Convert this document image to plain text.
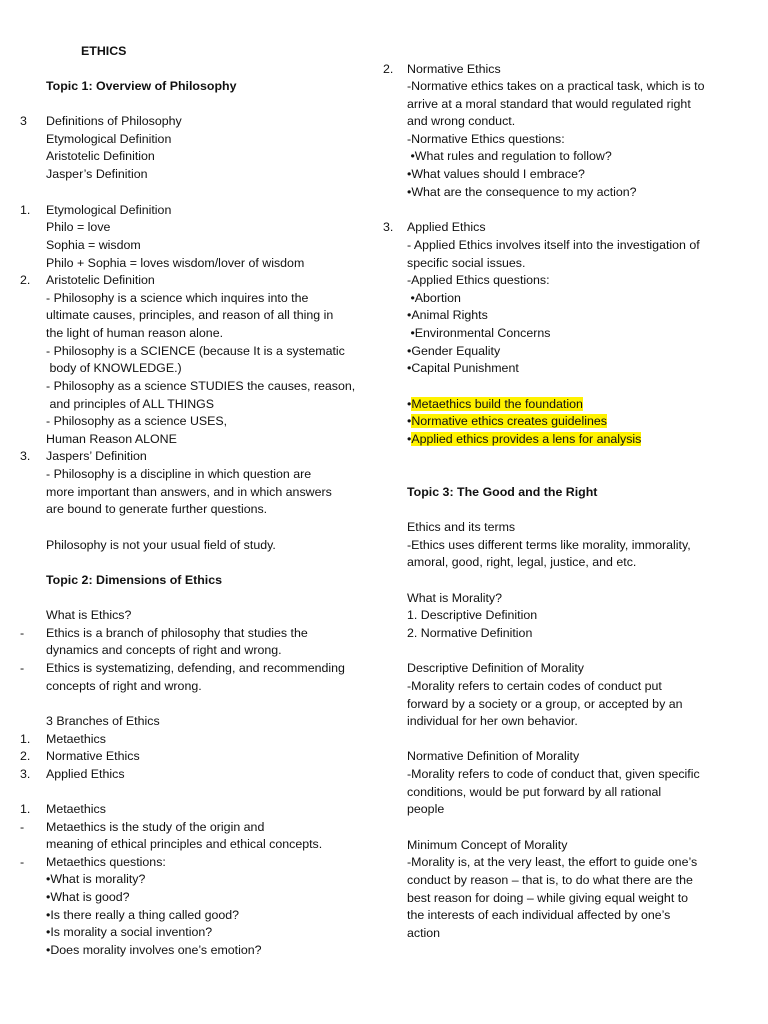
ETHICS
Topic 1: Overview of Philosophy
3 Definitions of Philosophy
Etymological Definition
Aristotelic Definition
Jasper’s Definition
1. Etymological Definition
Philo = love
Sophia = wisdom
Philo + Sophia = loves wisdom/lover of wisdom
2. Aristotelic Definition
- Philosophy is a science which inquires into the
ultimate causes, principles, and reason of all thing in
the light of human reason alone.
- Philosophy is a SCIENCE (because It is a systematic
body of KNOWLEDGE.)
- Philosophy as a science STUDIES the causes, reason,
and principles of ALL THINGS
- Philosophy as a science USES,
Human Reason ALONE
3. Jaspers’ Definition
- Philosophy is a discipline in which question are
more important than answers, and in which answers
are bound to generate further questions.
Philosophy is not your usual field of study.
Topic 2: Dimensions of Ethics
What is Ethics?
- Ethics is a branch of philosophy that studies the
dynamics and concepts of right and wrong.
- Ethics is systematizing, defending, and recommending
concepts of right and wrong.
3 Branches of Ethics
1. Metaethics
2. Normative Ethics
3. Applied Ethics
1. Metaethics
- Metaethics is the study of the origin and
meaning of ethical principles and ethical concepts.
- Metaethics questions:
•What is morality?
•What is good?
•Is there really a thing called good?
•Is morality a social invention?
•Does morality involves one’s emotion?
2. Normative Ethics
-Normative ethics takes on a practical task, which is to
arrive at a moral standard that would regulated right
and wrong conduct.
-Normative Ethics questions:
•What rules and regulation to follow?
•What values should I embrace?
•What are the consequence to my action?
3. Applied Ethics
- Applied Ethics involves itself into the investigation of
specific social issues.
-Applied Ethics questions:
•Abortion
•Animal Rights
•Environmental Concerns
•Gender Equality
•Capital Punishment
•Metaethics build the foundation
•Normative ethics creates guidelines
•Applied ethics provides a lens for analysis
Topic 3: The Good and the Right
Ethics and its terms
-Ethics uses different terms like morality, immorality,
amoral, good, right, legal, justice, and etc.
What is Morality?
1. Descriptive Definition
2. Normative Definition
Descriptive Definition of Morality
-Morality refers to certain codes of conduct put
forward by a society or a group, or accepted by an
individual for her own behavior.
Normative Definition of Morality
-Morality refers to code of conduct that, given specific
conditions, would be put forward by all rational
people
Minimum Concept of Morality
-Morality is, at the very least, the effort to guide one’s
conduct by reason – that is, to do what there are the
best reason for doing – while giving equal weight to
the interests of each individual affected by one’s
action
